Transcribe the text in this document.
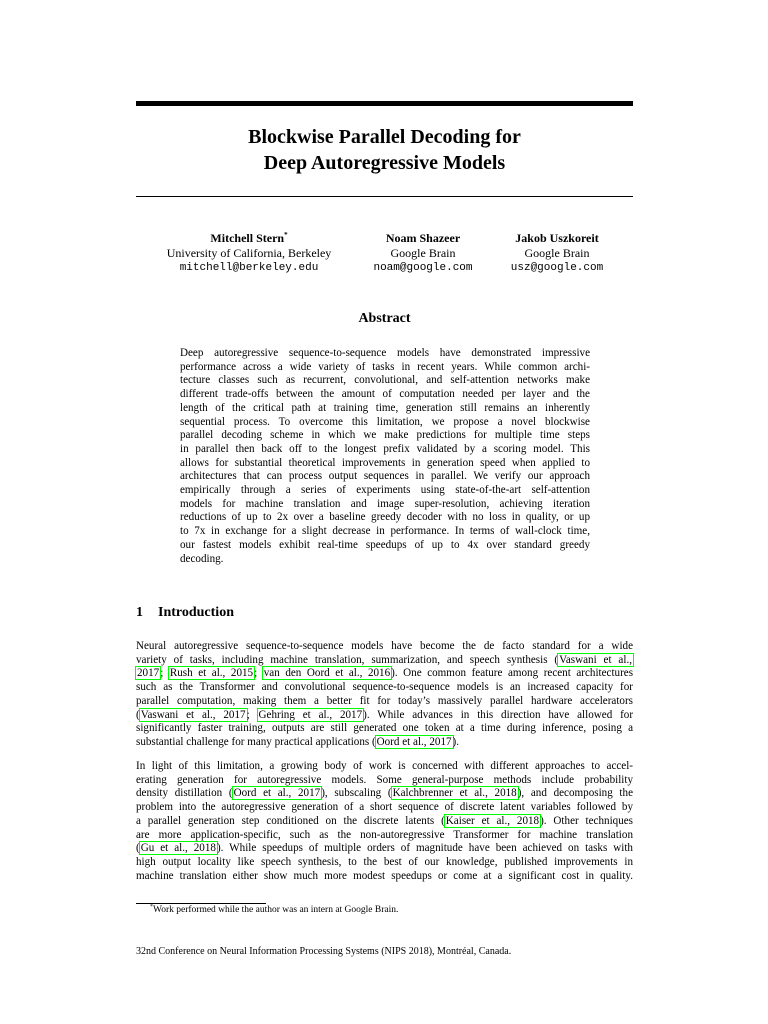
Blockwise Parallel Decoding for
Deep Autoregressive Models
Mitchell Stern*
University of California, Berkeley
mitchell@berkeley.edu
Noam Shazeer
Google Brain
noam@google.com
Jakob Uszkoreit
Google Brain
usz@google.com
Abstract
Deep autoregressive sequence-to-sequence models have demonstrated impressive
performance across a wide variety of tasks in recent years. While common archi-
tecture classes such as recurrent, convolutional, and self-attention networks make
different trade-offs between the amount of computation needed per layer and the
length of the critical path at training time, generation still remains an inherently
sequential process. To overcome this limitation, we propose a novel blockwise
parallel decoding scheme in which we make predictions for multiple time steps
in parallel then back off to the longest prefix validated by a scoring model. This
allows for substantial theoretical improvements in generation speed when applied to
architectures that can process output sequences in parallel. We verify our approach
empirically through a series of experiments using state-of-the-art self-attention
models for machine translation and image super-resolution, achieving iteration
reductions of up to 2x over a baseline greedy decoder with no loss in quality, or up
to 7x in exchange for a slight decrease in performance. In terms of wall-clock time,
our fastest models exhibit real-time speedups of up to 4x over standard greedy
decoding.
1 Introduction
Neural autoregressive sequence-to-sequence models have become the de facto standard for a wide
variety of tasks, including machine translation, summarization, and speech synthesis (Vaswani et al.,
2017; Rush et al., 2015; van den Oord et al., 2016). One common feature among recent architectures
such as the Transformer and convolutional sequence-to-sequence models is an increased capacity for
parallel computation, making them a better fit for today’s massively parallel hardware accelerators
(Vaswani et al., 2017; Gehring et al., 2017). While advances in this direction have allowed for
significantly faster training, outputs are still generated one token at a time during inference, posing a
substantial challenge for many practical applications (Oord et al., 2017).
In light of this limitation, a growing body of work is concerned with different approaches to accel-
erating generation for autoregressive models. Some general-purpose methods include probability
density distillation (Oord et al., 2017), subscaling (Kalchbrenner et al., 2018), and decomposing the
problem into the autoregressive generation of a short sequence of discrete latent variables followed by
a parallel generation step conditioned on the discrete latents (Kaiser et al., 2018). Other techniques
are more application-specific, such as the non-autoregressive Transformer for machine translation
(Gu et al., 2018). While speedups of multiple orders of magnitude have been achieved on tasks with
high output locality like speech synthesis, to the best of our knowledge, published improvements in
machine translation either show much more modest speedups or come at a significant cost in quality.
*Work performed while the author was an intern at Google Brain.
32nd Conference on Neural Information Processing Systems (NIPS 2018), Montréal, Canada.
